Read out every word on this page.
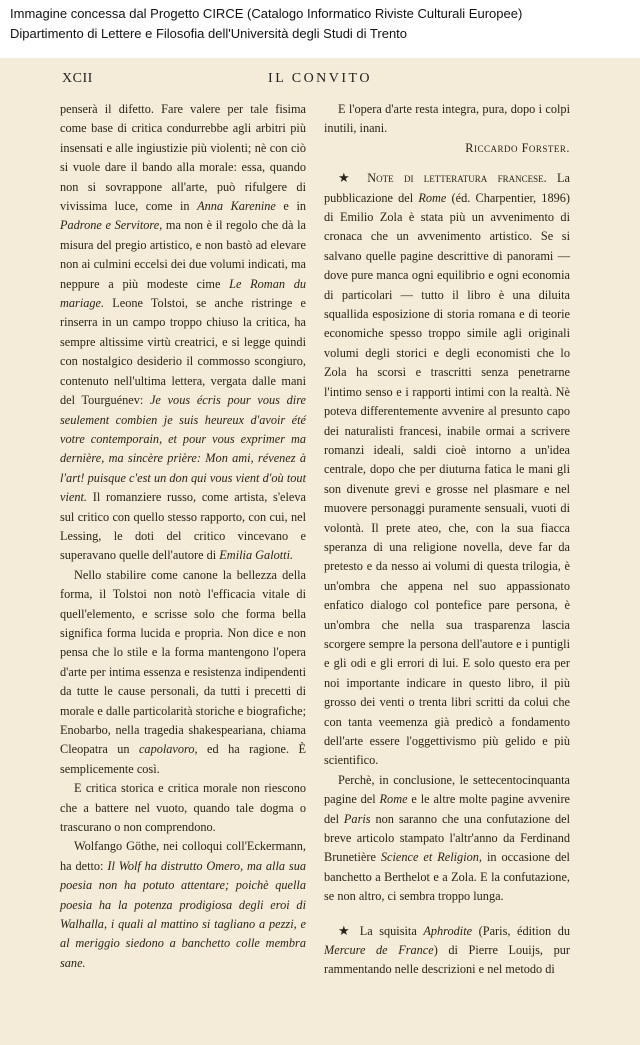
Immagine concessa dal Progetto CIRCE (Catalogo Informatico Riviste Culturali Europee)
Dipartimento di Lettere e Filosofia dell'Università degli Studi di Trento
XCII	IL CONVITO

penserà il difetto. Fare valere per tale fisima come base di critica condurrebbe agli arbitri più insensati e alle ingiustizie più violenti; nè con ciò si vuole dare il bando alla morale: essa, quando non si sovrappone all'arte, può rifulgere di vivissima luce, come in Anna Karenine e in Padrone e Servitore, ma non è il regolo che dà la misura del pregio artistico, e non bastò ad elevare non ai culmini eccelsi dei due volumi indicati, ma neppure a più modeste cime Le Roman du mariage. Leone Tolstoi, se anche ristringe e rinserra in un campo troppo chiuso la critica, ha sempre altissime virtù creatrici, e si legge quindi con nostalgico desiderio il commosso scongiuro, contenuto nell'ultima lettera, vergata dalle mani del Tourguénev: Je vous écris pour vous dire seulement combien je suis heureux d'avoir été votre contemporain, et pour vous exprimer ma dernière, ma sincère prière: Mon ami, révenez à l'art! puisque c'est un don qui vous vient d'où tout vient. Il romanziere russo, come artista, s'eleva sul critico con quello stesso rapporto, con cui, nel Lessing, le doti del critico vincevano e superavano quelle dell'autore di Emilia Galotti.

Nello stabilire come canone la bellezza della forma, il Tolstoi non notò l'efficacia vitale di quell'elemento, e scrisse solo che forma bella significa forma lucida e propria. Non dice e non pensa che lo stile e la forma mantengono l'opera d'arte per intima essenza e resistenza indipendenti da tutte le cause personali, da tutti i precetti di morale e dalle particolarità storiche e biografiche; Enobarbo, nella tragedia shakespeariana, chiama Cleopatra un capolavoro, ed ha ragione. È semplicemente così.

E critica storica e critica morale non riescono che a battere nel vuoto, quando tale dogma o trascurano o non comprendono.

Wolfango Göthe, nei colloqui coll'Eckermann, ha detto: Il Wolf ha distrutto Omero, ma alla sua poesia non ha potuto attentare; poichè quella poesia ha la potenza prodigiosa degli eroi di Walhalla, i quali al mattino si tagliano a pezzi, e al meriggio siedono a banchetto colle membra sane.

E l'opera d'arte resta integra, pura, dopo i colpi inutili, inani.

Riccardo Forster.

★ Note di letteratura francese. La pubblicazione del Rome (éd. Charpentier, 1896) di Emilio Zola è stata più un avvenimento di cronaca che un avvenimento artistico. Se si salvano quelle pagine descrittive di panorami — dove pure manca ogni equilibrio e ogni economia di particolari — tutto il libro è una diluita squallida esposizione di storia romana e di teorie economiche spesso troppo simile agli originali volumi degli storici e degli economisti che lo Zola ha scorsi e trascritti senza penetrarne l'intimo senso e i rapporti intimi con la realtà. Nè poteva differentemente avvenire al presunto capo dei naturalisti francesi, inabile ormai a scrivere romanzi ideali, saldi cioè intorno a un'idea centrale, dopo che per diuturna fatica le mani gli son divenute grevi e grosse nel plasmare e nel muovere personaggi puramente sensuali, vuoti di volontà. Il prete ateo, che, con la sua fiacca speranza di una religione novella, deve far da pretesto e da nesso ai volumi di questa trilogia, è un'ombra che appena nel suo appassionato enfatico dialogo col pontefice pare persona, è un'ombra che nella sua trasparenza lascia scorgere sempre la persona dell'autore e i puntigli e gli odi e gli errori di lui. E solo questo era per noi importante indicare in questo libro, il più grosso dei venti o trenta libri scritti da colui che con tanta veemenza già predicò a fondamento dell'arte essere l'oggettivismo più gelido e più scientifico.

Perchè, in conclusione, le settecentocinquanta pagine del Rome e le altre molte pagine avvenire del Paris non saranno che una confutazione del breve articolo stampato l'altr'anno da Ferdinand Brunetière Science et Religion, in occasione del banchetto a Berthelot e a Zola. E la confutazione, se non altro, ci sembra troppo lunga.

★ La squisita Aphrodite (Paris, édition du Mercure de France) di Pierre Louijs, pur rammentando nelle descrizioni e nel metodo di
